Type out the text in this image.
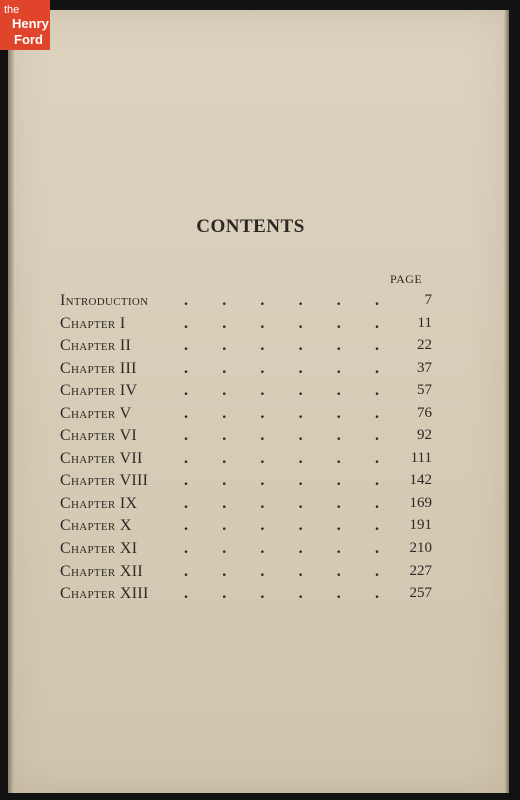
the
Henry
Ford
CONTENTS
PAGE
Introduction . . . . . .	7
Chapter I	. . . . . .	11
Chapter II	. . . . . .	22
Chapter III	. . . . . .	37
Chapter IV	. . . . . .	57
Chapter V	. . . . . .	76
Chapter VI	. . . . . .	92
Chapter VII	. . . . . . 111
Chapter VIII . . . . . . 142
Chapter IX	. . . . . . 169
Chapter X	. . . . . . 191
Chapter XI	. . . . . . 210
Chapter XII	. . . . . . 227
Chapter XIII . . . . . . 257
